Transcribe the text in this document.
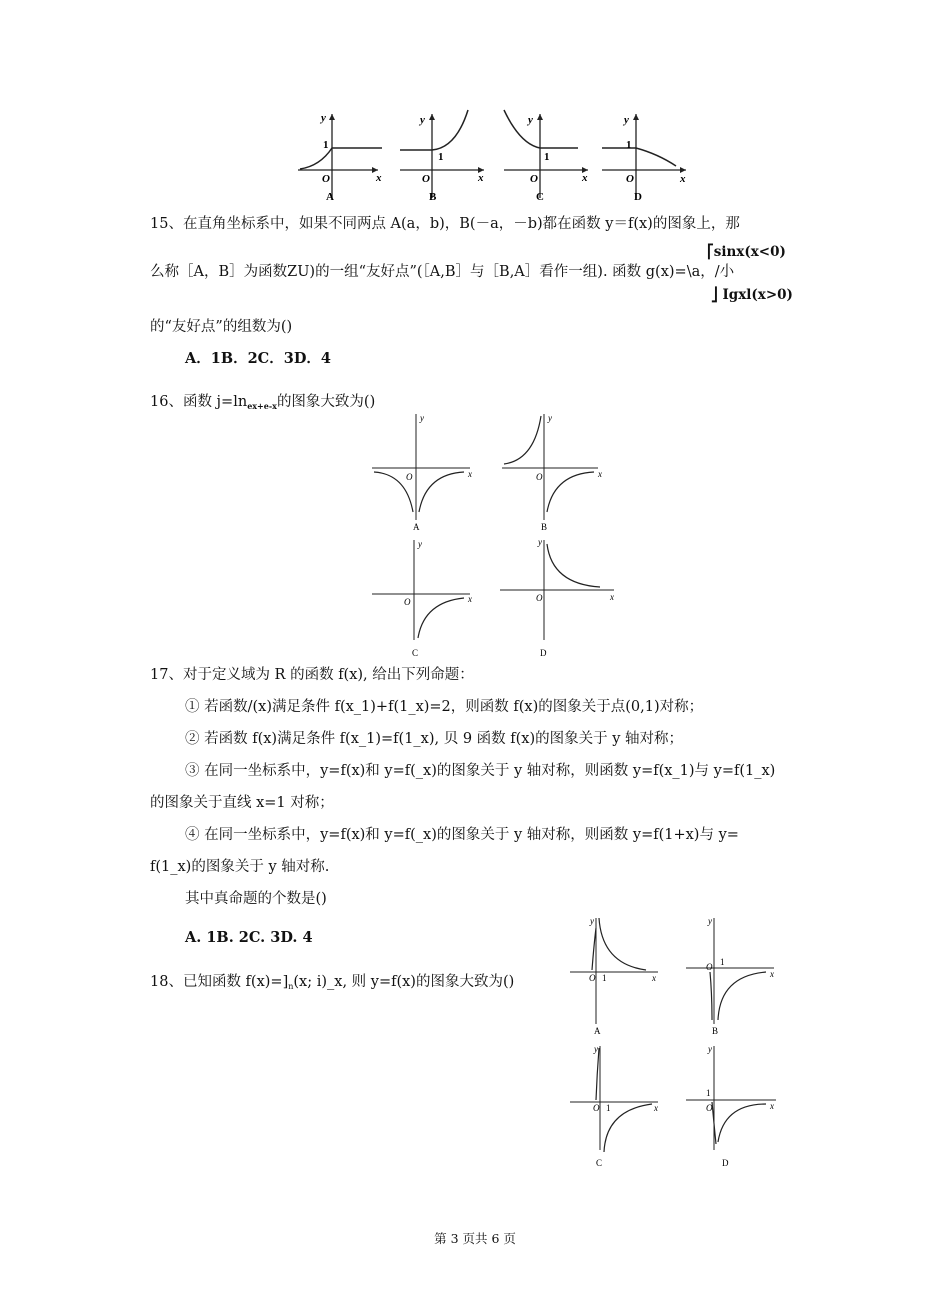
y
x
O
1
A
y
x
O
1
B
y
x
O
1
C
y
x
O
1
D
15、在直角坐标系中，如果不同两点 A(a，b)，B(－a，－b)都在函数 y＝f(x)的图象上，那
⎡sinx(x<0)
么称［A，B］为函数ZU)的一组“友好点”(［A,B］与［B,A］看作一组). 函数 g(x)=\a，/小
⎦ Igxl(x>0)
的“友好点”的组数为()
A．1B．2C．3D．4
16、函数 $j=\ln_{ex+e-x}$的图象大致为()
y
x
O
A
y
x
O
B
y
x
O
C
y
x
O
D
17、对于定义域为 R 的函数 f(x), 给出下列命题：
① 若函数/(x)满足条件 f(x_1)+f(1_x)=2，则函数 f(x)的图象关于点(0,1)对称；
② 若函数 f(x)满足条件 f(x_1)=f(1_x), 贝 9 函数 f(x)的图象关于 y 轴对称；
③ 在同一坐标系中，y=f(x)和 y=f(_x)的图象关于 y 轴对称，则函数 y=f(x_1)与 y=f(1_x)
的图象关于直线 x=1 对称；
④ 在同一坐标系中，y=f(x)和 y=f(_x)的图象关于 y 轴对称，则函数 y=f(1+x)与 y=
f(1_x)的图象关于 y 轴对称.
其中真命题的个数是()
A. 1B. 2C. 3D. 4
18、已知函数 $f(x)=]_n(x$; i)_x, 则 y=f(x)的图象大致为()
y
x
O 1
A
y
x
O 1
B
y
x
O 1
C
y
x
O
1
D
第 3 页共 6 页
